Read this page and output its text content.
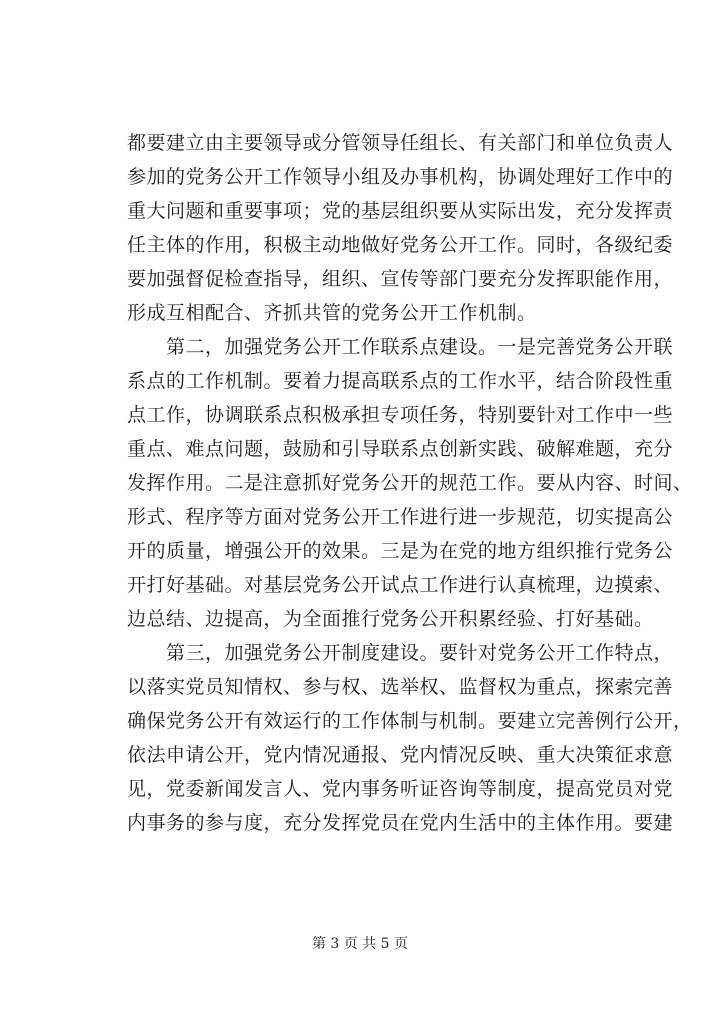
都要建立由主要领导或分管领导任组长、有关部门和单位负责人
参加的党务公开工作领导小组及办事机构，协调处理好工作中的
重大问题和重要事项；党的基层组织要从实际出发，充分发挥责
任主体的作用，积极主动地做好党务公开工作。同时，各级纪委
要加强督促检查指导，组织、宣传等部门要充分发挥职能作用，
形成互相配合、齐抓共管的党务公开工作机制。
　　第二，加强党务公开工作联系点建设。一是完善党务公开联
系点的工作机制。要着力提高联系点的工作水平，结合阶段性重
点工作，协调联系点积极承担专项任务，特别要针对工作中一些
重点、难点问题，鼓励和引导联系点创新实践、破解难题，充分
发挥作用。二是注意抓好党务公开的规范工作。要从内容、时间、
形式、程序等方面对党务公开工作进行进一步规范，切实提高公
开的质量，增强公开的效果。三是为在党的地方组织推行党务公
开打好基础。对基层党务公开试点工作进行认真梳理，边摸索、
边总结、边提高，为全面推行党务公开积累经验、打好基础。
　　第三，加强党务公开制度建设。要针对党务公开工作特点，
以落实党员知情权、参与权、选举权、监督权为重点，探索完善
确保党务公开有效运行的工作体制与机制。要建立完善例行公开，
依法申请公开，党内情况通报、党内情况反映、重大决策征求意
见，党委新闻发言人、党内事务听证咨询等制度，提高党员对党
内事务的参与度，充分发挥党员在党内生活中的主体作用。要建
第 3 页 共 5 页
